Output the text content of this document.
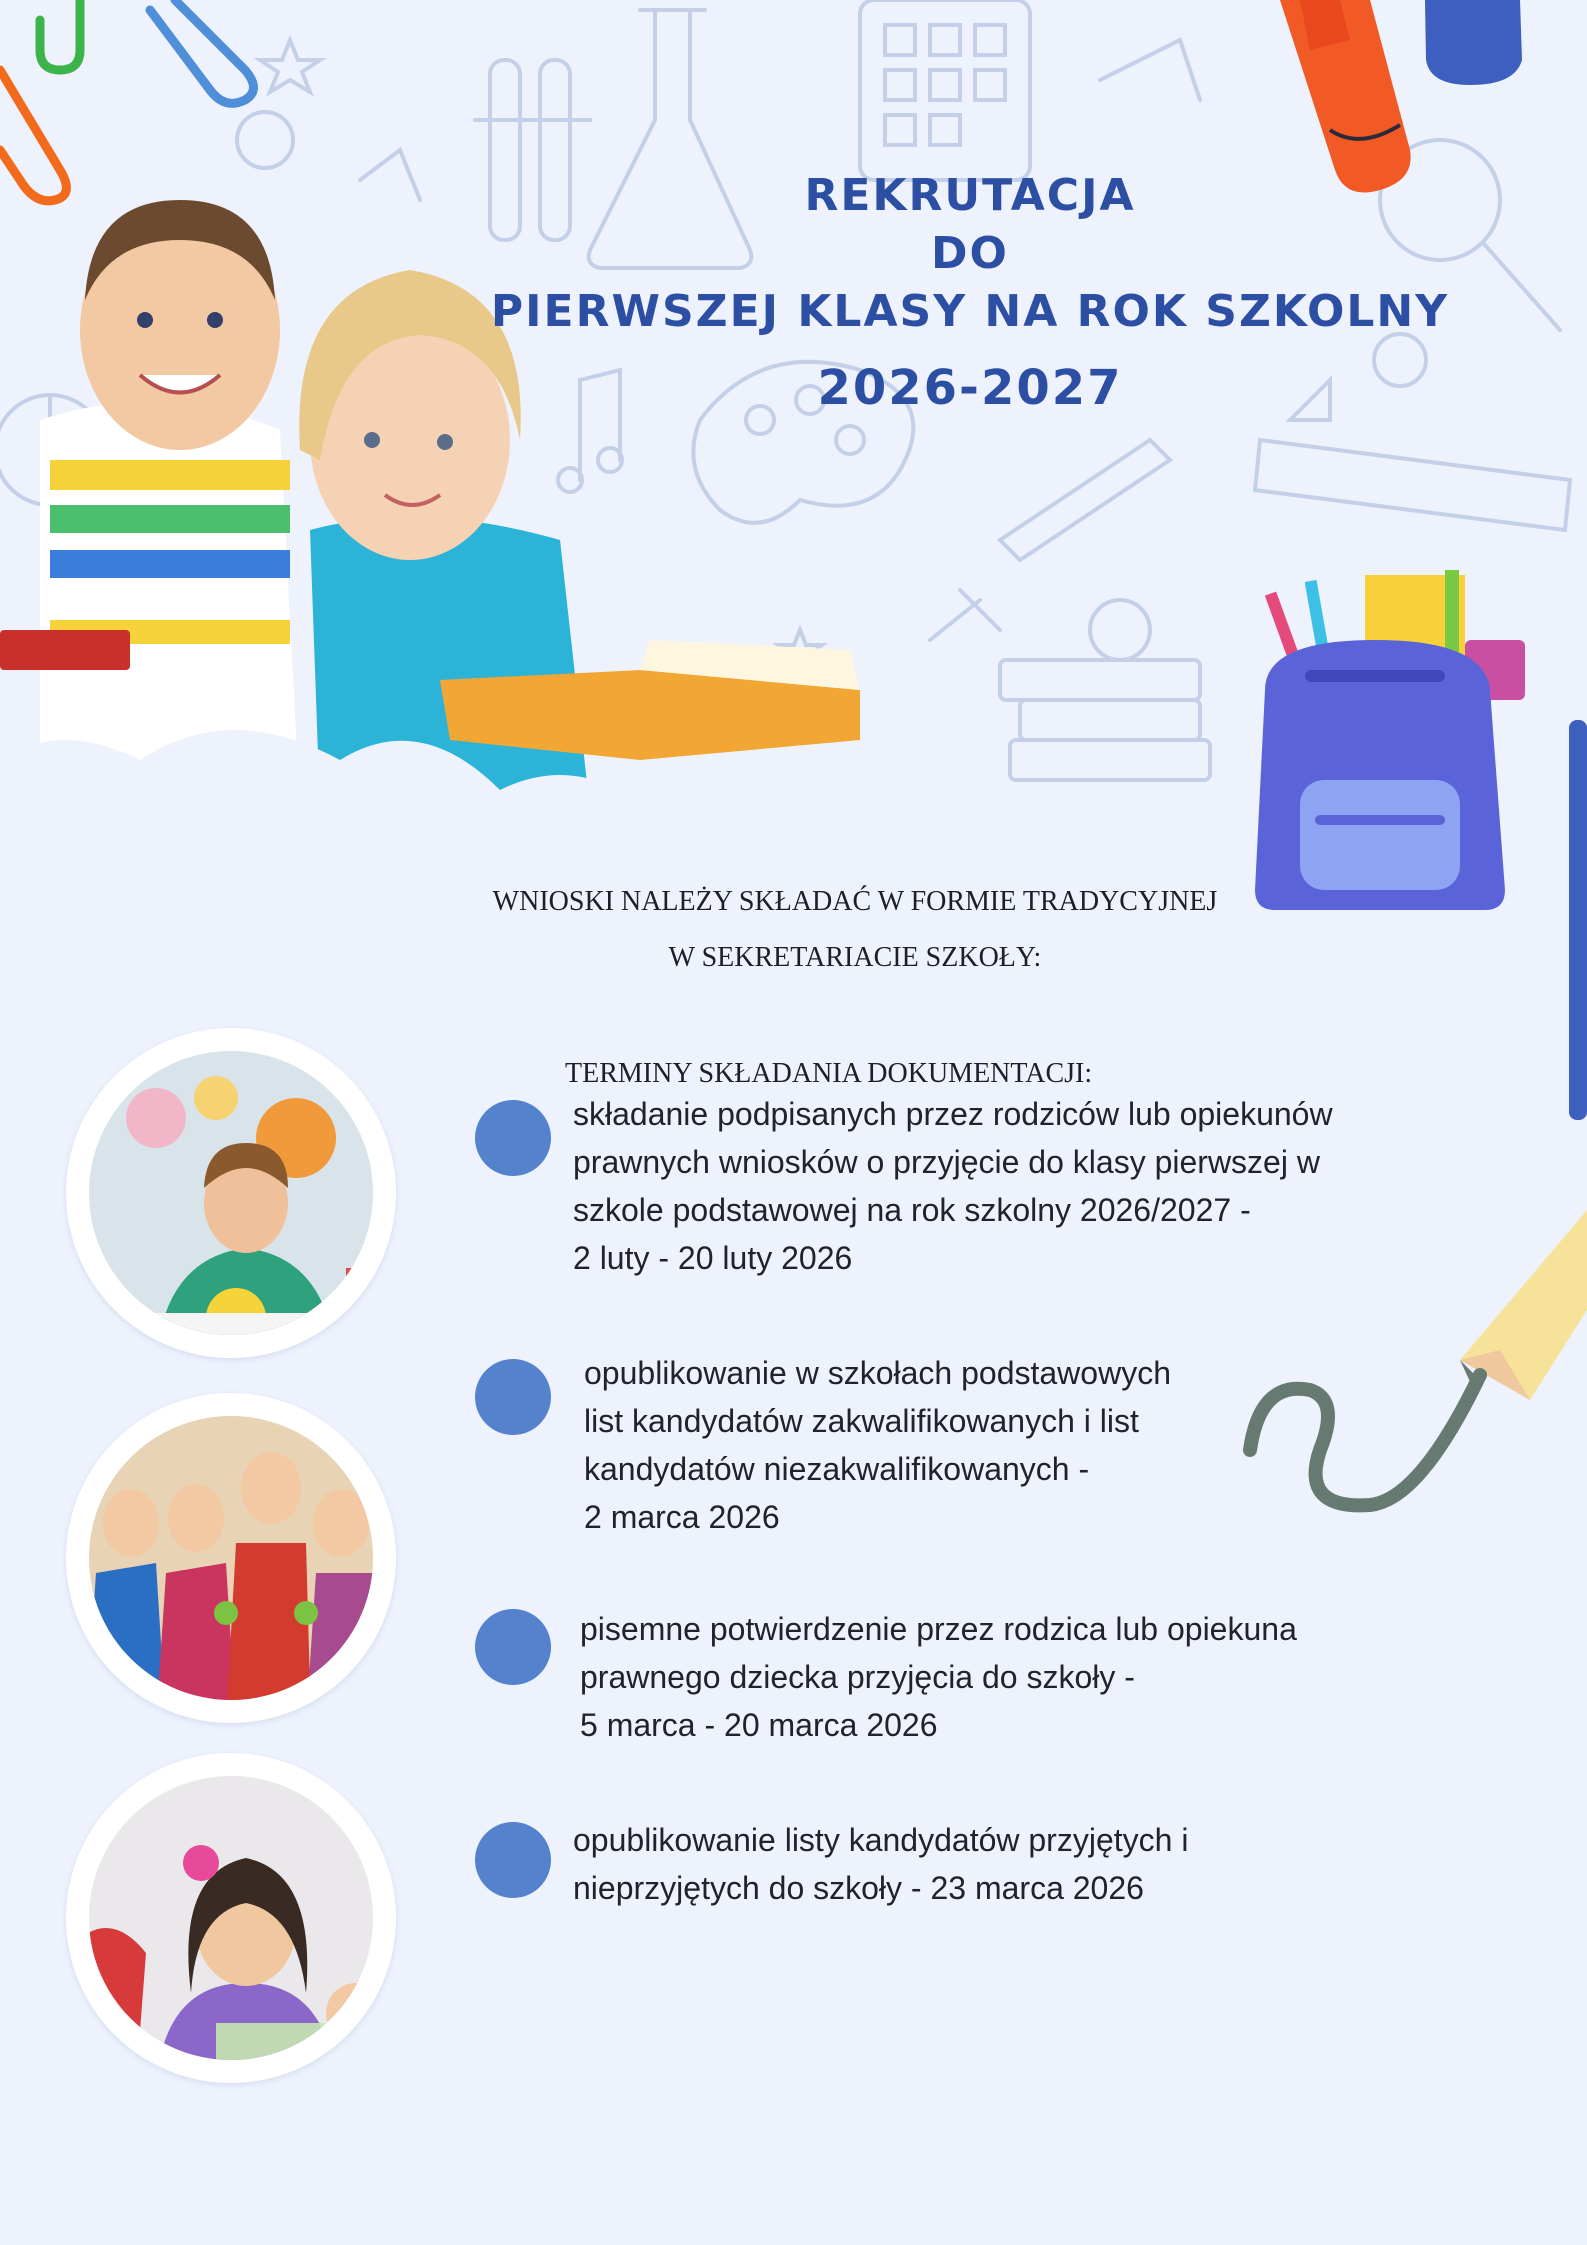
REKRUTACJA
DO
PIERWSZEJ KLASY NA ROK SZKOLNY
2026-2027

WNIOSKI NALEŻY SKŁADAĆ W FORMIE TRADYCYJNEJ

W SEKRETARIACIE SZKOŁY:

TERMINY SKŁADANIA DOKUMENTACJI:

składanie podpisanych przez rodziców lub opiekunów
prawnych wniosków o przyjęcie do klasy pierwszej w
szkole podstawowej na rok szkolny 2026/2027 -
2 luty - 20 luty 2026

opublikowanie w szkołach podstawowych
list kandydatów zakwalifikowanych i list
kandydatów niezakwalifikowanych -
2 marca 2026

pisemne potwierdzenie przez rodzica lub opiekuna
prawnego dziecka przyjęcia do szkoły -
5 marca - 20 marca 2026

opublikowanie listy kandydatów przyjętych i
nieprzyjętych do szkoły - 23 marca 2026
